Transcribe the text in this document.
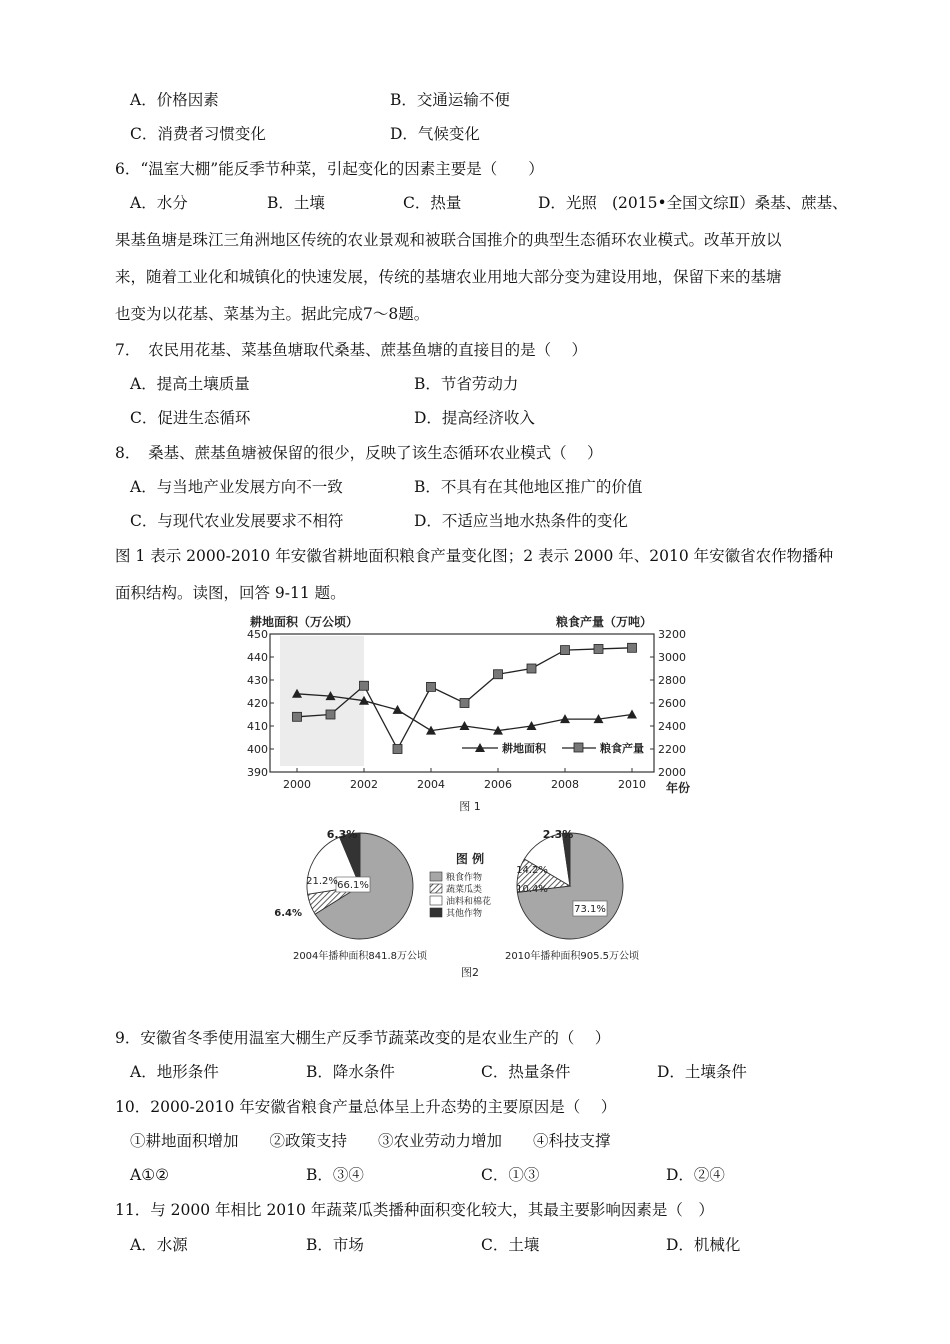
A．价格因素	B．交通运输不便
C．消费者习惯变化	D．气候变化
6．“温室大棚”能反季节种菜，引起变化的因素主要是（　　）
A．水分	B．土壤	C．热量	D．光照 (2015•全国文综Ⅱ）桑基、蔗基、
果基鱼塘是珠江三角洲地区传统的农业景观和被联合国推介的典型生态循环农业模式。改革开放以
来，随着工业化和城镇化的快速发展，传统的基塘农业用地大部分变为建设用地，保留下来的基塘
也变为以花基、菜基为主。据此完成7～8题。
7．　农民用花基、菜基鱼塘取代桑基、蔗基鱼塘的直接目的是（　 ）
A．提高土壤质量	B．节省劳动力
C．促进生态循环	D．提高经济收入
8．　桑基、蔗基鱼塘被保留的很少，反映了该生态循环农业模式（　 ）
A．与当地产业发展方向不一致	B．不具有在其他地区推广的价值
C．与现代农业发展要求不相符	D．不适应当地水热条件的变化
图 1 表示 2000-2010 年安徽省耕地面积粮食产量变化图；2 表示 2000 年、2010 年安徽省农作物播种
面积结构。读图，回答 9-11 题。
耕地面积（万公顷）	粮食产量（万吨）
年份
图 1
390
400
410
420
430
440
450
2000
2200
2400
2600
2800
3000
3200
2000	2002	2004	2006	2008	2010
耕地面积	粮食产量
66.1%
6.4%
21.2%
6.3%
73.1%
10.4%
14.2%
2.3%
图 例
粮食作物
蔬菜瓜类
油料和棉花
其他作物
2004年播种面积841.8万公顷	2010年播种面积905.5万公顷
图2
9．安徽省冬季使用温室大棚生产反季节蔬菜改变的是农业生产的（　 ）
A．地形条件	B．降水条件	C．热量条件	D．土壤条件
10．2000-2010 年安徽省粮食产量总体呈上升态势的主要原因是（　 ）
①耕地面积增加　　②政策支持　　③农业劳动力增加　　④科技支撑
A①②	B．③④	C．①③	D．②④
11．与 2000 年相比 2010 年蔬菜瓜类播种面积变化较大，其最主要影响因素是（　）
A．水源	B．市场	C．土壤	D．机械化
